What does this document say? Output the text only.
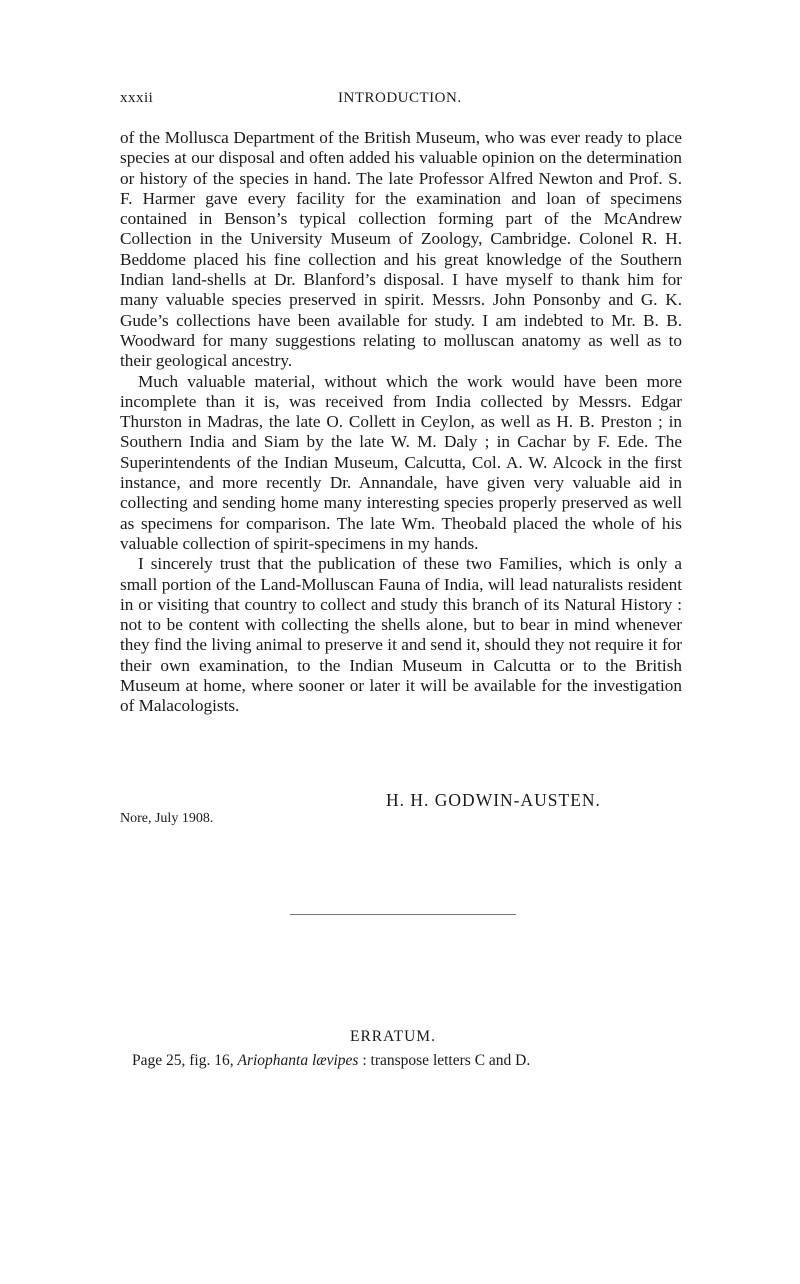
xxxii	INTRODUCTION.

of the Mollusca Department of the British Museum, who was ever ready to place species at our disposal and often added his valuable opinion on the determination or history of the species in hand. The late Professor Alfred Newton and Prof. S. F. Harmer gave every facility for the examination and loan of specimens contained in Benson’s typical collection forming part of the McAndrew Collection in the University Museum of Zoology, Cambridge. Colonel R. H. Beddome placed his fine collection and his great knowledge of the Southern Indian land-shells at Dr. Blanford’s disposal. I have myself to thank him for many valuable species preserved in spirit. Messrs. John Ponsonby and G. K. Gude’s collections have been available for study. I am indebted to Mr. B. B. Woodward for many suggestions relating to molluscan anatomy as well as to their geological ancestry.

Much valuable material, without which the work would have been more incomplete than it is, was received from India collected by Messrs. Edgar Thurston in Madras, the late O. Collett in Ceylon, as well as H. B. Preston ; in Southern India and Siam by the late W. M. Daly ; in Cachar by F. Ede. The Superintendents of the Indian Museum, Calcutta, Col. A. W. Alcock in the first instance, and more recently Dr. Annandale, have given very valuable aid in collecting and sending home many interesting species properly preserved as well as specimens for comparison. The late Wm. Theobald placed the whole of his valuable collection of spirit-specimens in my hands.

I sincerely trust that the publication of these two Families, which is only a small portion of the Land-Molluscan Fauna of India, will lead naturalists resident in or visiting that country to collect and study this branch of its Natural History : not to be content with collecting the shells alone, but to bear in mind whenever they find the living animal to preserve it and send it, should they not require it for their own examination, to the Indian Museum in Calcutta or to the British Museum at home, where sooner or later it will be available for the investigation of Malacologists.

H. H. GODWIN-AUSTEN.
Nore, July 1908.
ERRATUM.
Page 25, fig. 16, Ariophanta lævipes : transpose letters C and D.
